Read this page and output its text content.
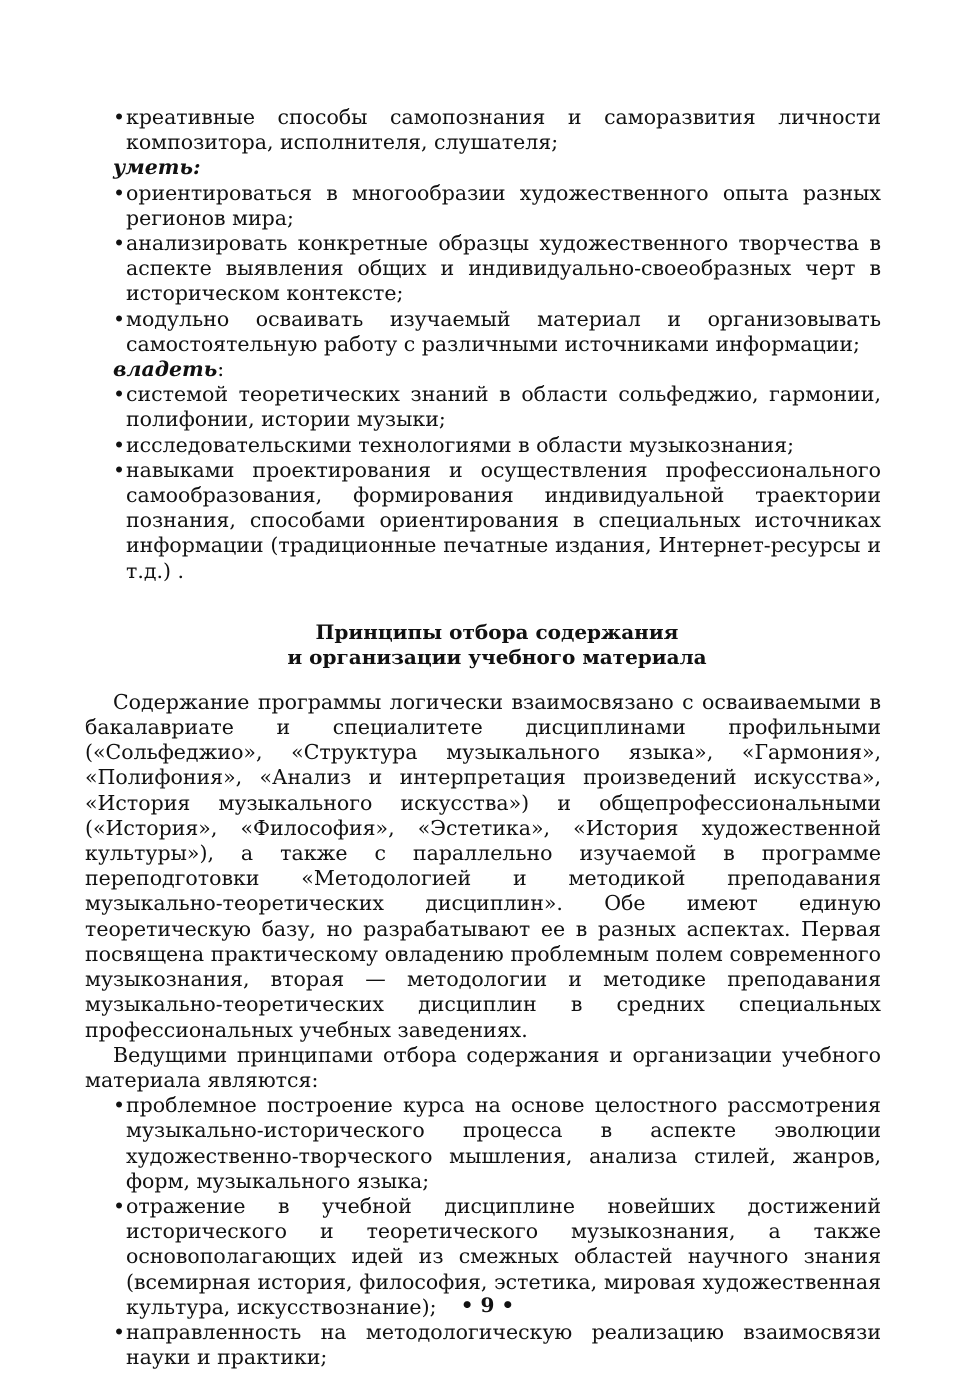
• креативные способы самопознания и саморазвития личности композитора, исполнителя, слушателя;
уметь:
• ориентироваться в многообразии художественного опыта разных регионов мира;
• анализировать конкретные образцы художественного творчества в аспекте выявления общих и индивидуально-своеобразных черт в историческом контексте;
• модульно осваивать изучаемый материал и организовывать самостоятельную работу с различными источниками информации;
владеть:
• системой теоретических знаний в области сольфеджио, гармонии, полифонии, истории музыки;
• исследовательскими технологиями в области музыкознания;
• навыками проектирования и осуществления профессионального самообразования, формирования индивидуальной траектории познания, способами ориентирования в специальных источниках информации (традиционные печатные издания, Интернет-ресурсы и т.д.) .
Принципы отбора содержания
и организации учебного материала
Содержание программы логически взаимосвязано с осваиваемыми в бакалавриате и специалитете дисциплинами профильными («Сольфеджио», «Структура музыкального языка», «Гармония», «Полифония», «Анализ и интерпретация произведений искусства», «История музыкального искусства») и общепрофессиональными («История», «Философия», «Эстетика», «История художественной культуры»), а также с параллельно изучаемой в программе переподготовки «Методологией и методикой преподавания музыкально-теоретических дисциплин». Обе имеют единую теоретическую базу, но разрабатывают ее в разных аспектах. Первая посвящена практическому овладению проблемным полем современного музыкознания, вторая — методологии и методике преподавания музыкально-теоретических дисциплин в средних специальных профессиональных учебных заведениях.
Ведущими принципами отбора содержания и организации учебного материала являются:
• проблемное построение курса на основе целостного рассмотрения музыкально-исторического процесса в аспекте эволюции художественно-творческого мышления, анализа стилей, жанров, форм, музыкального языка;
• отражение в учебной дисциплине новейших достижений исторического и теоретического музыкознания, а также основополагающих идей из смежных областей научного знания (всемирная история, философия, эстетика, мировая художественная культура, искусствознание);
• направленность на методологическую реализацию взаимосвязи науки и практики;
• 9 •
